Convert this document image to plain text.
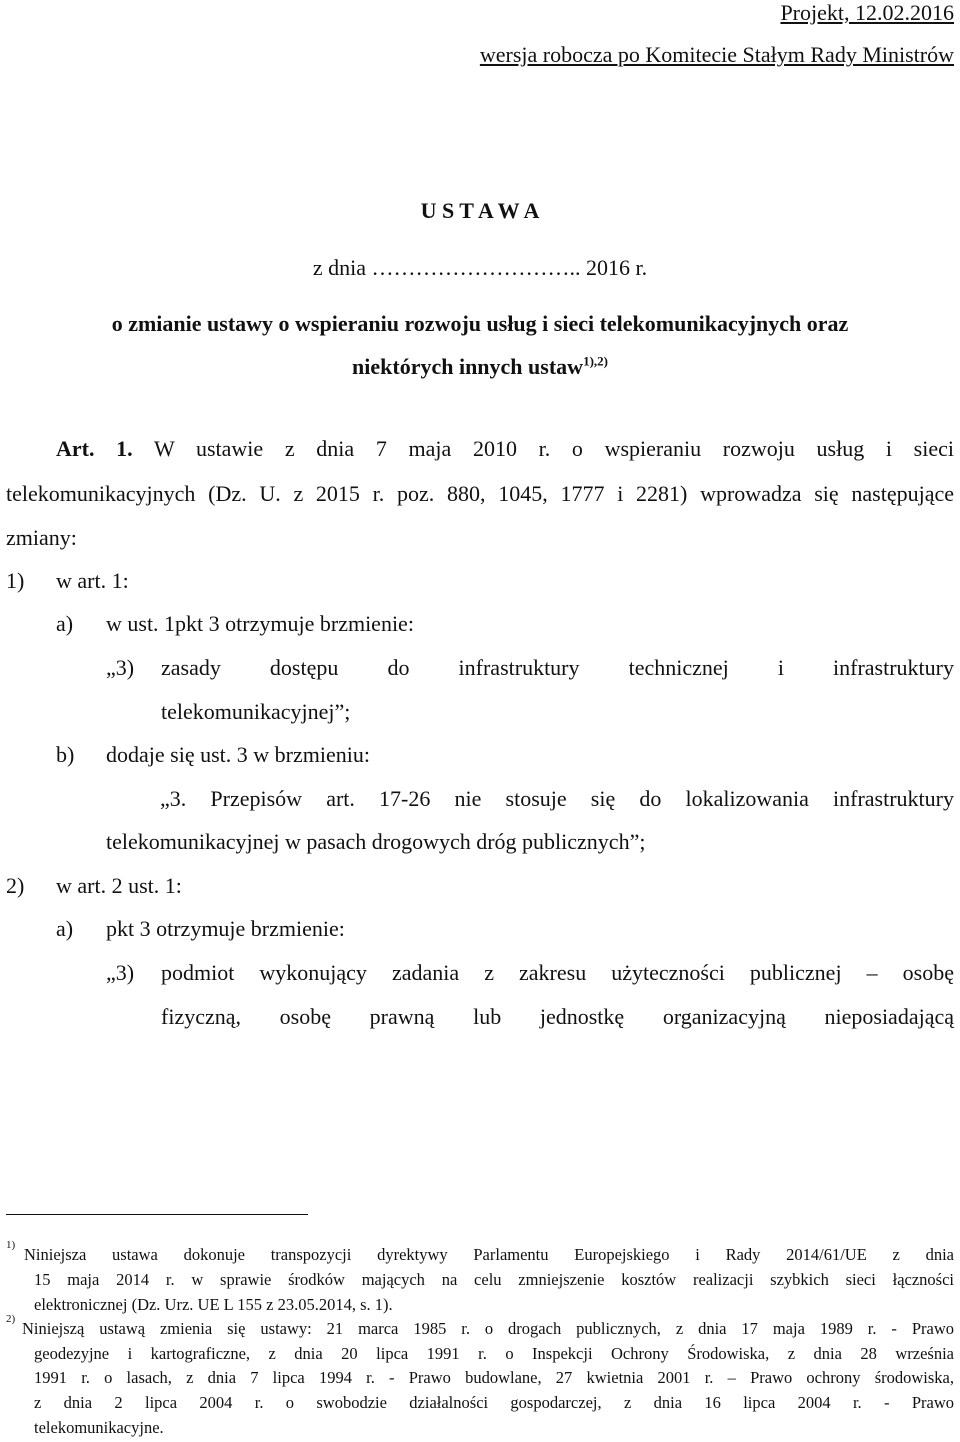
Projekt, 12.02.2016
wersja robocza po Komitecie Stałym Rady Ministrów
U S T A W A
z dnia ……………………….. 2016 r.
o zmianie ustawy o wspieraniu rozwoju usług i sieci telekomunikacyjnych oraz
niektórych innych ustaw$^{1),2)}$
Art. 1. W ustawie z dnia 7 maja 2010 r. o wspieraniu rozwoju usług i sieci
telekomunikacyjnych (Dz. U. z 2015 r. poz. 880, 1045, 1777 i 2281) wprowadza się następujące
zmiany:
1) w art. 1:
a) w ust. 1pkt 3 otrzymuje brzmienie:
„3) zasady dostępu do infrastruktury technicznej i infrastruktury
telekomunikacyjnej”;
b) dodaje się ust. 3 w brzmieniu:
„3. Przepisów art. 17-26 nie stosuje się do lokalizowania infrastruktury
telekomunikacyjnej w pasach drogowych dróg publicznych”;
2) w art. 2 ust. 1:
a) pkt 3 otrzymuje brzmienie:
„3) podmiot wykonujący zadania z zakresu użyteczności publicznej – osobę
fizyczną, osobę prawną lub jednostkę organizacyjną nieposiadającą
1) Niniejsza ustawa dokonuje transpozycji dyrektywy Parlamentu Europejskiego i Rady 2014/61/UE z dnia
15 maja 2014 r. w sprawie środków mających na celu zmniejszenie kosztów realizacji szybkich sieci łączności
elektronicznej (Dz. Urz. UE L 155 z 23.05.2014, s. 1).
2) Niniejszą ustawą zmienia się ustawy: 21 marca 1985 r. o drogach publicznych, z dnia 17 maja 1989 r. - Prawo
geodezyjne i kartograficzne, z dnia 20 lipca 1991 r. o Inspekcji Ochrony Środowiska, z dnia 28 września
1991 r. o lasach, z dnia 7 lipca 1994 r. - Prawo budowlane, 27 kwietnia 2001 r. – Prawo ochrony środowiska,
z dnia 2 lipca 2004 r. o swobodzie działalności gospodarczej, z dnia 16 lipca 2004 r. - Prawo
telekomunikacyjne.
